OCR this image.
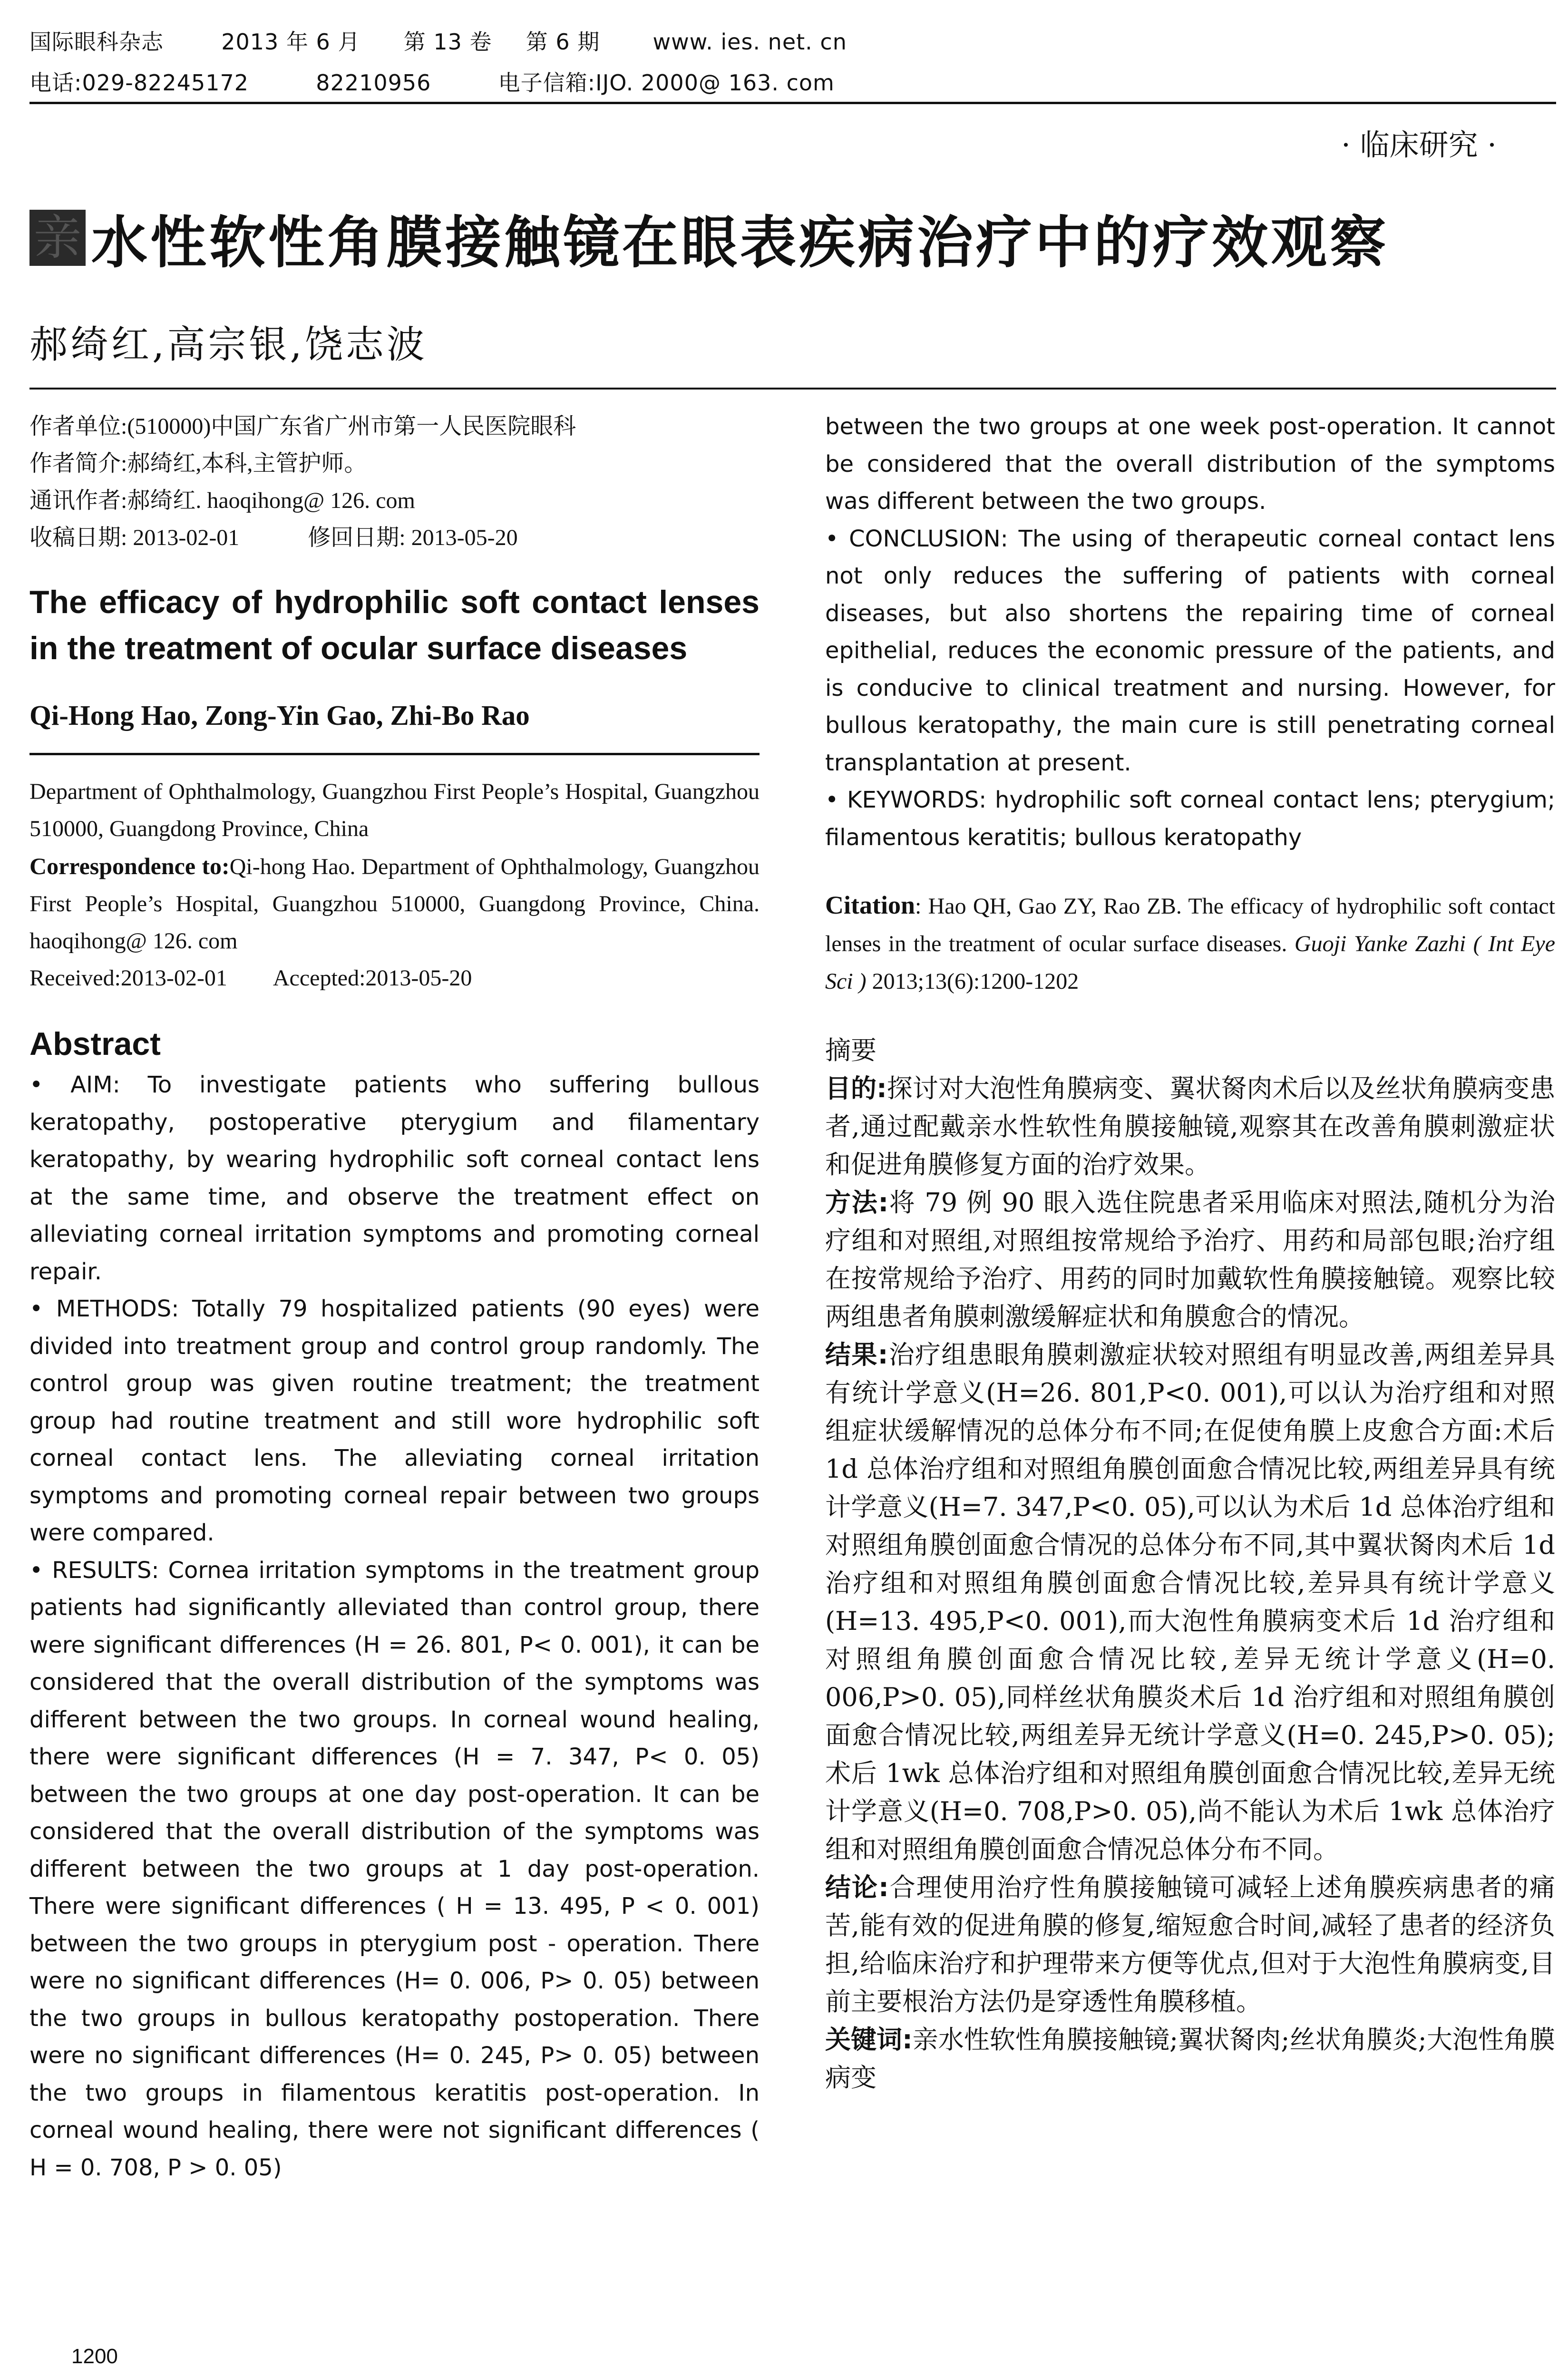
国际眼科杂志	2013 年 6 月 第 13 卷 第 6 期 www. ies. net. cn
电话:029-82245172	82210956	电子信箱:IJO. 2000@ 163. com
· 临床研究 ·
亲 水性软性角膜接触镜在眼表疾病治疗中的疗效观察
郝绮红,高宗银,饶志波

作者单位:(510000)中国广东省广州市第一人民医院眼科

作者简介:郝绮红,本科,主管护师。

通讯作者:郝绮红. haoqihong@ 126. com

收稿日期: 2013-02-01　　　修回日期: 2013-05-20

The efficacy of hydrophilic soft contact lenses in the treatment of ocular surface diseases
Qi-Hong Hao, Zong-Yin Gao, Zhi-Bo Rao

Department of Ophthalmology, Guangzhou First People’s Hospital, Guangzhou 510000, Guangdong Province, China

Correspondence to:Qi-hong Hao. Department of Ophthalmology, Guangzhou First People’s Hospital, Guangzhou 510000, Guangdong Province, China. haoqihong@ 126. com

Received:2013-02-01　　Accepted:2013-05-20

Abstract

• AIM: To investigate patients who suffering bullous keratopathy, postoperative pterygium and filamentary keratopathy, by wearing hydrophilic soft corneal contact lens at the same time, and observe the treatment effect on alleviating corneal irritation symptoms and promoting corneal repair.

• METHODS: Totally 79 hospitalized patients (90 eyes) were divided into treatment group and control group randomly. The control group was given routine treatment; the treatment group had routine treatment and still wore hydrophilic soft corneal contact lens. The alleviating corneal irritation symptoms and promoting corneal repair between two groups were compared.

• RESULTS: Cornea irritation symptoms in the treatment group patients had significantly alleviated than control group, there were significant differences (H = 26. 801, P< 0. 001), it can be considered that the overall distribution of the symptoms was different between the two groups. In corneal wound healing, there were significant differences (H = 7. 347, P< 0. 05) between the two groups at one day post-operation. It can be considered that the overall distribution of the symptoms was different between the two groups at 1 day post-operation. There were significant differences ( H = 13. 495, P < 0. 001) between the two groups in pterygium post - operation. There were no significant differences (H= 0. 006, P> 0. 05) between the two groups in bullous keratopathy postoperation. There were no significant differences (H= 0. 245, P> 0. 05) between the two groups in filamentous keratitis post-operation. In corneal wound healing, there were not significant differences ( H = 0. 708, P > 0. 05)

between the two groups at one week post-operation. It cannot be considered that the overall distribution of the symptoms was different between the two groups.

• CONCLUSION: The using of therapeutic corneal contact lens not only reduces the suffering of patients with corneal diseases, but also shortens the repairing time of corneal epithelial, reduces the economic pressure of the patients, and is conducive to clinical treatment and nursing. However, for bullous keratopathy, the main cure is still penetrating corneal transplantation at present.

• KEYWORDS: hydrophilic soft corneal contact lens; pterygium; filamentous keratitis; bullous keratopathy

Citation: Hao QH, Gao ZY, Rao ZB. The efficacy of hydrophilic soft contact lenses in the treatment of ocular surface diseases. Guoji Yanke Zazhi ( Int Eye Sci ) 2013;13(6):1200-1202
摘要

目的:探讨对大泡性角膜病变、翼状胬肉术后以及丝状角膜病变患者,通过配戴亲水性软性角膜接触镜,观察其在改善角膜刺激症状和促进角膜修复方面的治疗效果。

方法:将 79 例 90 眼入选住院患者采用临床对照法,随机分为治疗组和对照组,对照组按常规给予治疗、用药和局部包眼;治疗组在按常规给予治疗、用药的同时加戴软性角膜接触镜。观察比较两组患者角膜刺激缓解症状和角膜愈合的情况。

结果:治疗组患眼角膜刺激症状较对照组有明显改善,两组差异具有统计学意义(H=26. 801,P<0. 001),可以认为治疗组和对照组症状缓解情况的总体分布不同;在促使角膜上皮愈合方面:术后 1d 总体治疗组和对照组角膜创面愈合情况比较,两组差异具有统计学意义(H=7. 347,P<0. 05),可以认为术后 1d 总体治疗组和对照组角膜创面愈合情况的总体分布不同,其中翼状胬肉术后 1d 治疗组和对照组角膜创面愈合情况比较,差异具有统计学意义(H=13. 495,P<0. 001),而大泡性角膜病变术后 1d 治疗组和对照组角膜创面愈合情况比较,差异无统计学意义(H=0. 006,P>0. 05),同样丝状角膜炎术后 1d 治疗组和对照组角膜创面愈合情况比较,两组差异无统计学意义(H=0. 245,P>0. 05);术后 1wk 总体治疗组和对照组角膜创面愈合情况比较,差异无统计学意义(H=0. 708,P>0. 05),尚不能认为术后 1wk 总体治疗组和对照组角膜创面愈合情况总体分布不同。

结论:合理使用治疗性角膜接触镜可减轻上述角膜疾病患者的痛苦,能有效的促进角膜的修复,缩短愈合时间,减轻了患者的经济负担,给临床治疗和护理带来方便等优点,但对于大泡性角膜病变,目前主要根治方法仍是穿透性角膜移植。

关键词:亲水性软性角膜接触镜;翼状胬肉;丝状角膜炎;大泡性角膜病变

1200
